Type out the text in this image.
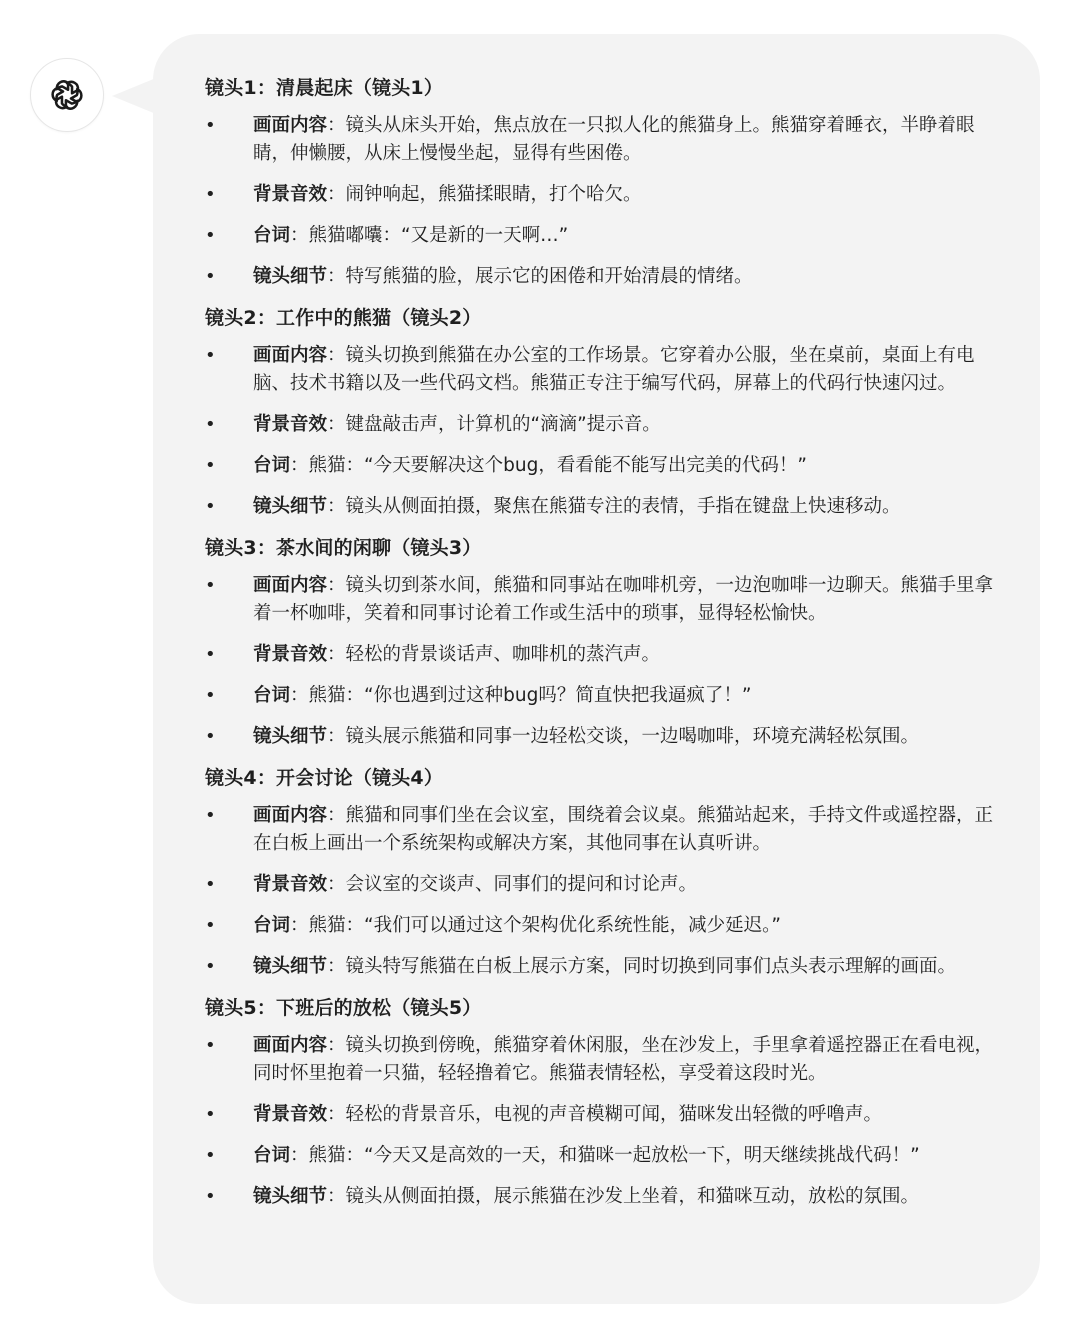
镜头1：清晨起床（镜头1）
• 画面内容：镜头从床头开始，焦点放在一只拟人化的熊猫身上。熊猫穿着睡衣，半睁着眼睛，伸懒腰，从床上慢慢坐起，显得有些困倦。
• 背景音效：闹钟响起，熊猫揉眼睛，打个哈欠。
• 台词：熊猫嘟囔：“又是新的一天啊…”
• 镜头细节：特写熊猫的脸，展示它的困倦和开始清晨的情绪。
镜头2：工作中的熊猫（镜头2）
• 画面内容：镜头切换到熊猫在办公室的工作场景。它穿着办公服，坐在桌前，桌面上有电脑、技术书籍以及一些代码文档。熊猫正专注于编写代码，屏幕上的代码行快速闪过。
• 背景音效：键盘敲击声，计算机的“滴滴”提示音。
• 台词：熊猫：“今天要解决这个bug，看看能不能写出完美的代码！”
• 镜头细节：镜头从侧面拍摄，聚焦在熊猫专注的表情，手指在键盘上快速移动。
镜头3：茶水间的闲聊（镜头3）
• 画面内容：镜头切到茶水间，熊猫和同事站在咖啡机旁，一边泡咖啡一边聊天。熊猫手里拿着一杯咖啡，笑着和同事讨论着工作或生活中的琐事，显得轻松愉快。
• 背景音效：轻松的背景谈话声、咖啡机的蒸汽声。
• 台词：熊猫：“你也遇到过这种bug吗？简直快把我逼疯了！”
• 镜头细节：镜头展示熊猫和同事一边轻松交谈，一边喝咖啡，环境充满轻松氛围。
镜头4：开会讨论（镜头4）
• 画面内容：熊猫和同事们坐在会议室，围绕着会议桌。熊猫站起来，手持文件或遥控器，正在白板上画出一个系统架构或解决方案，其他同事在认真听讲。
• 背景音效：会议室的交谈声、同事们的提问和讨论声。
• 台词：熊猫：“我们可以通过这个架构优化系统性能，减少延迟。”
• 镜头细节：镜头特写熊猫在白板上展示方案，同时切换到同事们点头表示理解的画面。
镜头5：下班后的放松（镜头5）
• 画面内容：镜头切换到傍晚，熊猫穿着休闲服，坐在沙发上，手里拿着遥控器正在看电视，同时怀里抱着一只猫，轻轻撸着它。熊猫表情轻松，享受着这段时光。
• 背景音效：轻松的背景音乐，电视的声音模糊可闻，猫咪发出轻微的呼噜声。
• 台词：熊猫：“今天又是高效的一天，和猫咪一起放松一下，明天继续挑战代码！”
• 镜头细节：镜头从侧面拍摄，展示熊猫在沙发上坐着，和猫咪互动，放松的氛围。
